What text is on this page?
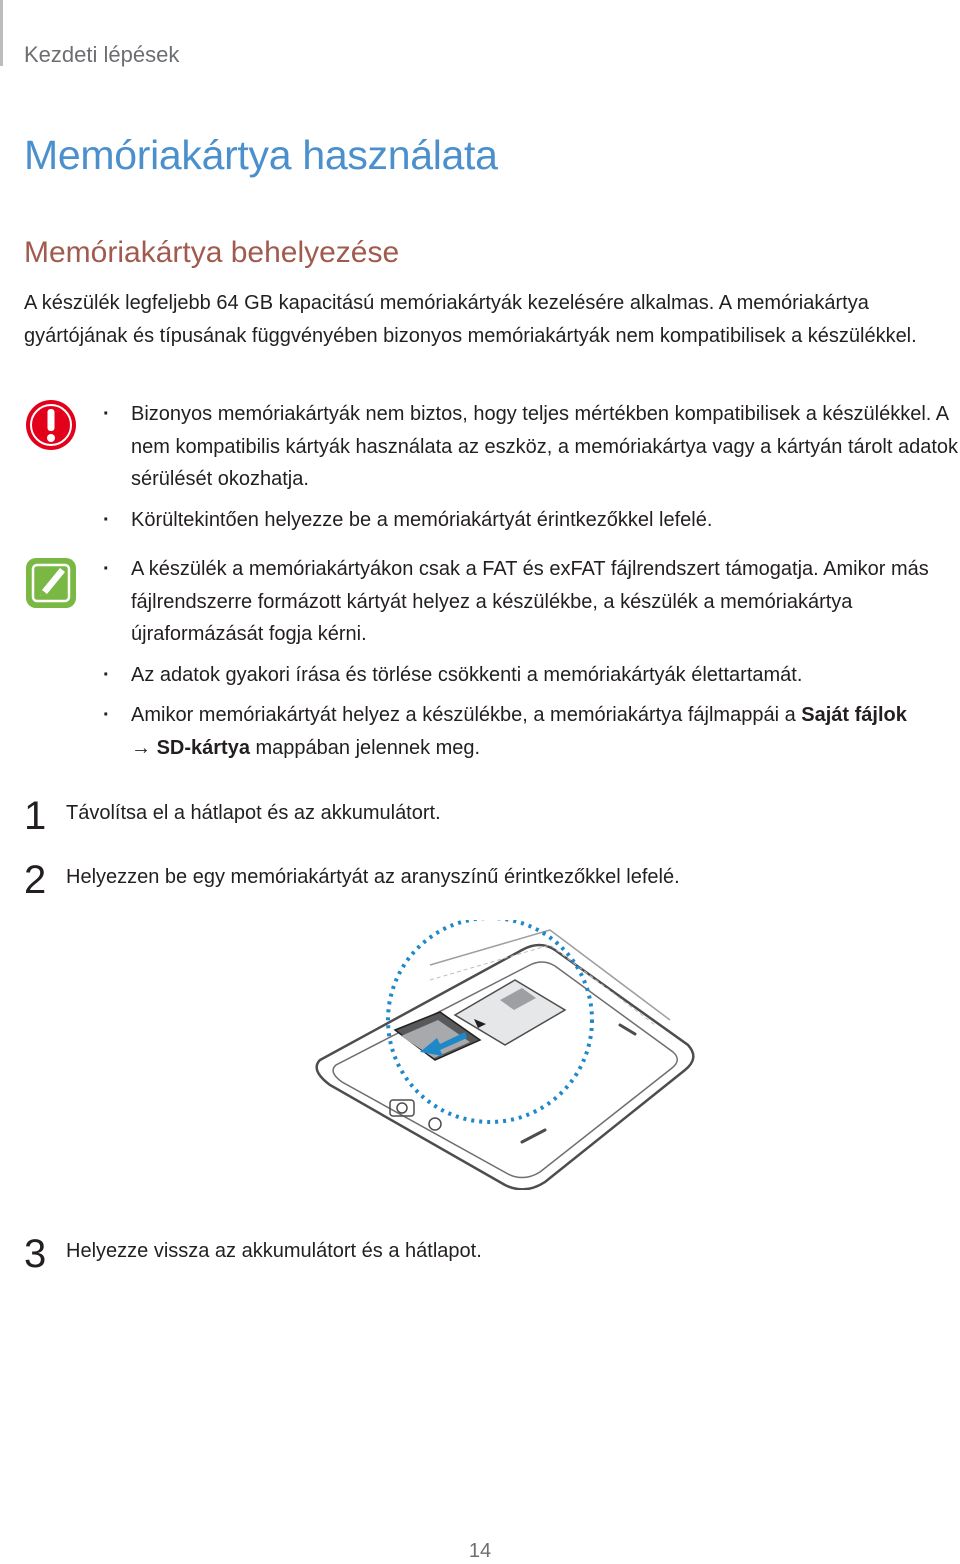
Kezdeti lépések
Memóriakártya használata
Memóriakártya behelyezése
A készülék legfeljebb 64 GB kapacitású memóriakártyák kezelésére alkalmas. A memóriakártya gyártójának és típusának függvényében bizonyos memóriakártyák nem kompatibilisek a készülékkel.
· Bizonyos memóriakártyák nem biztos, hogy teljes mértékben kompatibilisek a készülékkel. A nem kompatibilis kártyák használata az eszköz, a memóriakártya vagy a kártyán tárolt adatok sérülését okozhatja.
· Körültekintően helyezze be a memóriakártyát érintkezőkkel lefelé.
· A készülék a memóriakártyákon csak a FAT és exFAT fájlrendszert támogatja. Amikor más fájlrendszerre formázott kártyát helyez a készülékbe, a készülék a memóriakártya újraformázását fogja kérni.
· Az adatok gyakori írása és törlése csökkenti a memóriakártyák élettartamát.
· Amikor memóriakártyát helyez a készülékbe, a memóriakártya fájlmappái a Saját fájlok
→ SD-kártya mappában jelennek meg.
1 Távolítsa el a hátlapot és az akkumulátort.
2 Helyezzen be egy memóriakártyát az aranyszínű érintkezőkkel lefelé.
3 Helyezze vissza az akkumulátort és a hátlapot.
14
